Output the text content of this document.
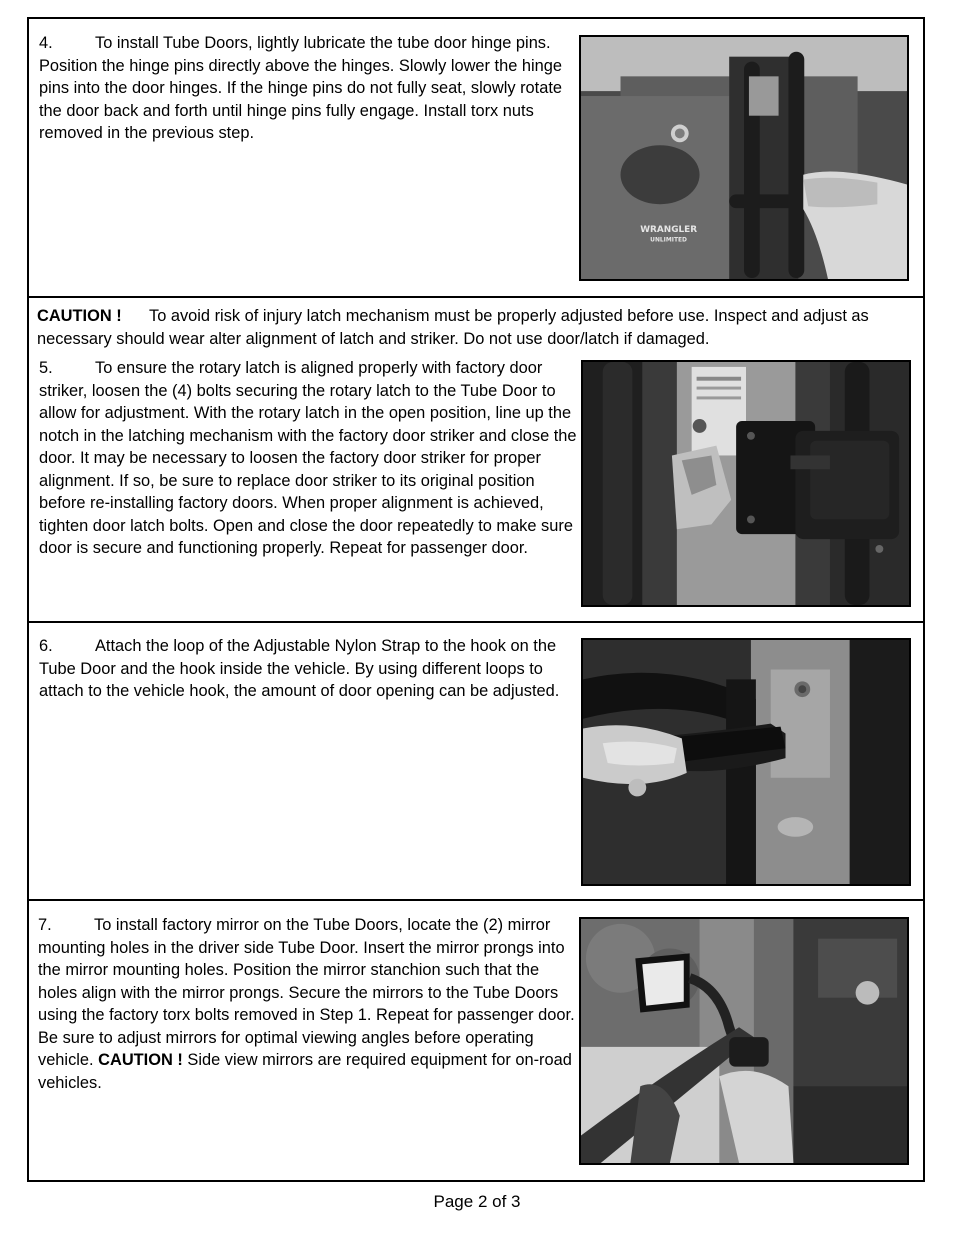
4.	To install Tube Doors, lightly lubricate the tube door hinge pins. Position the hinge pins directly above the hinges. Slowly lower the hinge pins into the door hinges. If the hinge pins do not fully seat, slowly rotate the door back and forth until hinge pins fully engage. Install torx nuts removed in the previous step.

WRANGLER
UNLIMITED
CAUTION ! To avoid risk of injury latch mechanism must be properly adjusted before use. Inspect and adjust as necessary should wear alter alignment of latch and striker. Do not use door/latch if damaged.

5.	To ensure the rotary latch is aligned properly with factory door striker, loosen the (4) bolts securing the rotary latch to the Tube Door to allow for adjustment. With the rotary latch in the open position, line up the notch in the latching mechanism with the factory door striker and close the door. It may be necessary to loosen the factory door striker for proper alignment. If so, be sure to replace door striker to its original position before re-installing factory doors. When proper alignment is achieved, tighten door latch bolts. Open and close the door repeatedly to make sure door is secure and functioning properly. Repeat for passenger door.

6.	Attach the loop of the Adjustable Nylon Strap to the hook on the Tube Door and the hook inside the vehicle. By using different loops to attach to the vehicle hook, the amount of door opening can be adjusted.

7.	To install factory mirror on the Tube Doors, locate the (2) mirror mounting holes in the driver side Tube Door. Insert the mirror prongs into the mirror mounting holes. Position the mirror stanchion such that the holes align with the mirror prongs. Secure the mirrors to the Tube Doors using the factory torx bolts removed in Step 1. Repeat for passenger door. Be sure to adjust mirrors for optimal viewing angles before operating vehicle. CAUTION ! Side view mirrors are required equipment for on-road vehicles.

Page 2 of 3
